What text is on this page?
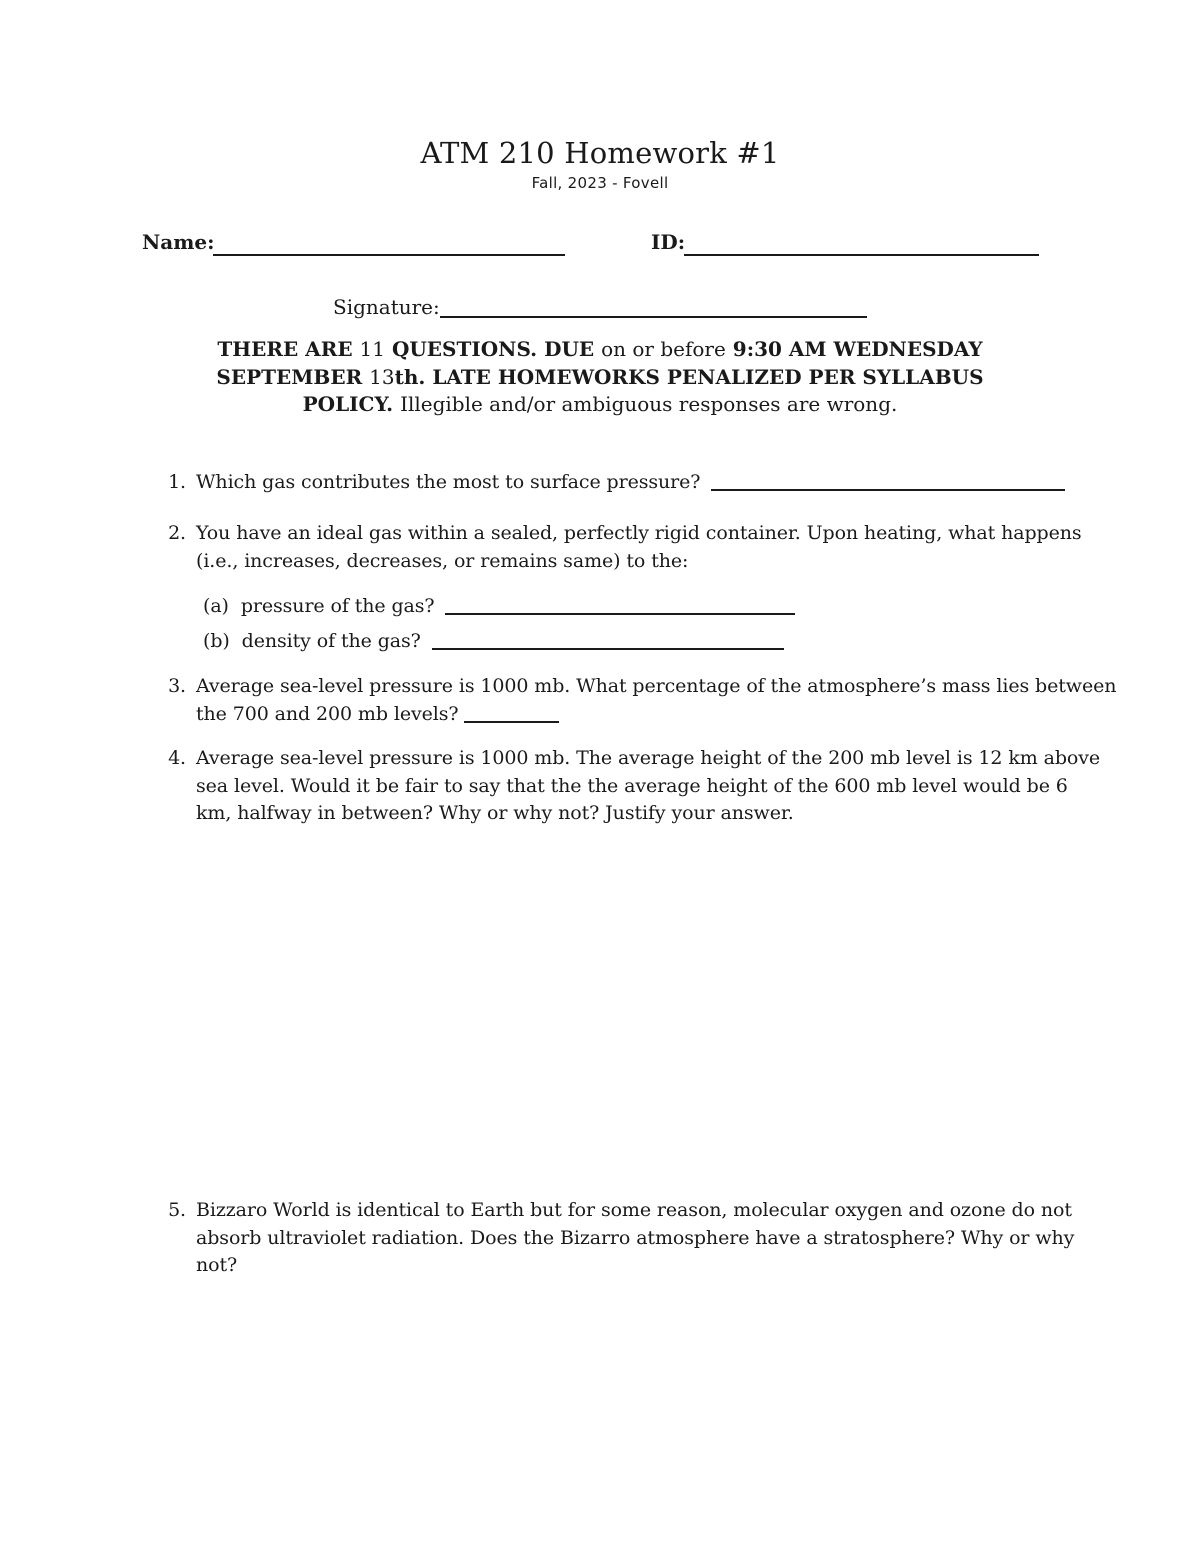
ATM 210 Homework #1
Fall, 2023 - Fovell
Name:	ID:
Signature:
THERE ARE 11 QUESTIONS. DUE on or before 9:30 AM WEDNESDAY
SEPTEMBER 13th. LATE HOMEWORKS PENALIZED PER SYLLABUS
POLICY. Illegible and/or ambiguous responses are wrong.
1. Which gas contributes the most to surface pressure?
2. You have an ideal gas within a sealed, perfectly rigid container. Upon heating, what happens
(i.e., increases, decreases, or remains same) to the:
(a) pressure of the gas?
(b) density of the gas?
3. Average sea-level pressure is 1000 mb. What percentage of the atmosphere’s mass lies between
the 700 and 200 mb levels?
4. Average sea-level pressure is 1000 mb. The average height of the 200 mb level is 12 km above
sea level. Would it be fair to say that the the average height of the 600 mb level would be 6
km, halfway in between? Why or why not? Justify your answer.
5. Bizzaro World is identical to Earth but for some reason, molecular oxygen and ozone do not
absorb ultraviolet radiation. Does the Bizarro atmosphere have a stratosphere? Why or why
not?
